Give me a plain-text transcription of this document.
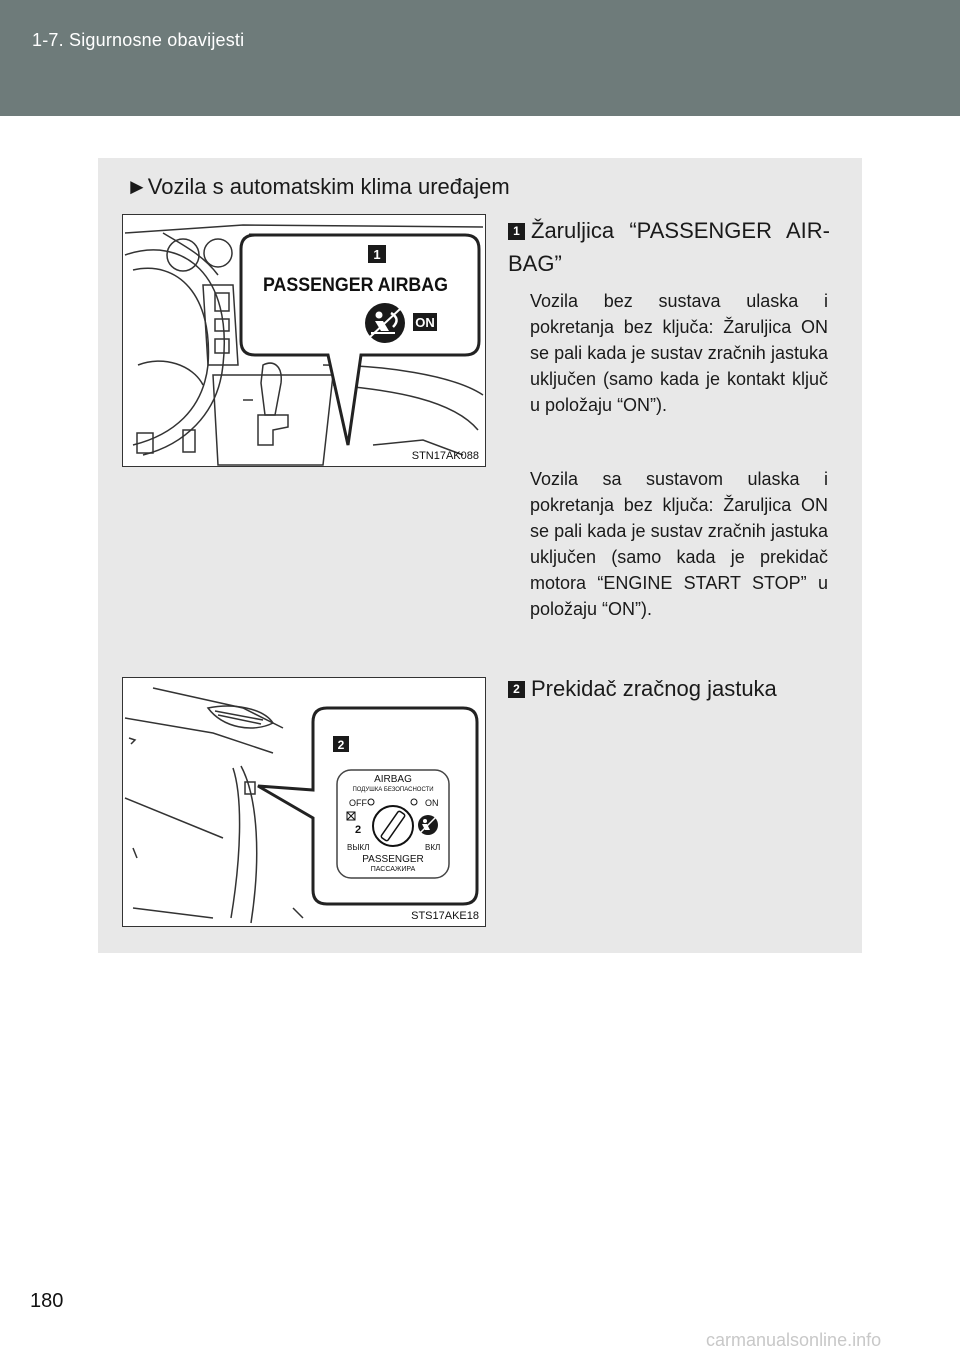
1-7. Sigurnosne obavijesti
►Vozila s automatskim klima uređajem
1
PASSENGER AIRBAG
ON
STN17AK088
2
AIRBAG
ПОДУШКА БЕЗОПАСНОСТИ
OFF	ON
2
ВЫКЛ	ВКЛ
PASSENGER
ПАССАЖИРА
STS17AKE18
1 Žaruljica “PASSENGER AIR-BAG”
Vozila bez sustava ulaska i pokretanja bez ključa: Žaruljica ON se pali kada je sustav zračnih jastuka uključen (samo kada je kontakt ključ u položaju “ON”).
Vozila sa sustavom ulaska i pokretanja bez ključa: Žaruljica ON se pali kada je sustav zračnih jastuka uključen (samo kada je prekidač motora “ENGINE START STOP” u položaju “ON”).
2 Prekidač zračnog jastuka
180
carmanualsonline.info
